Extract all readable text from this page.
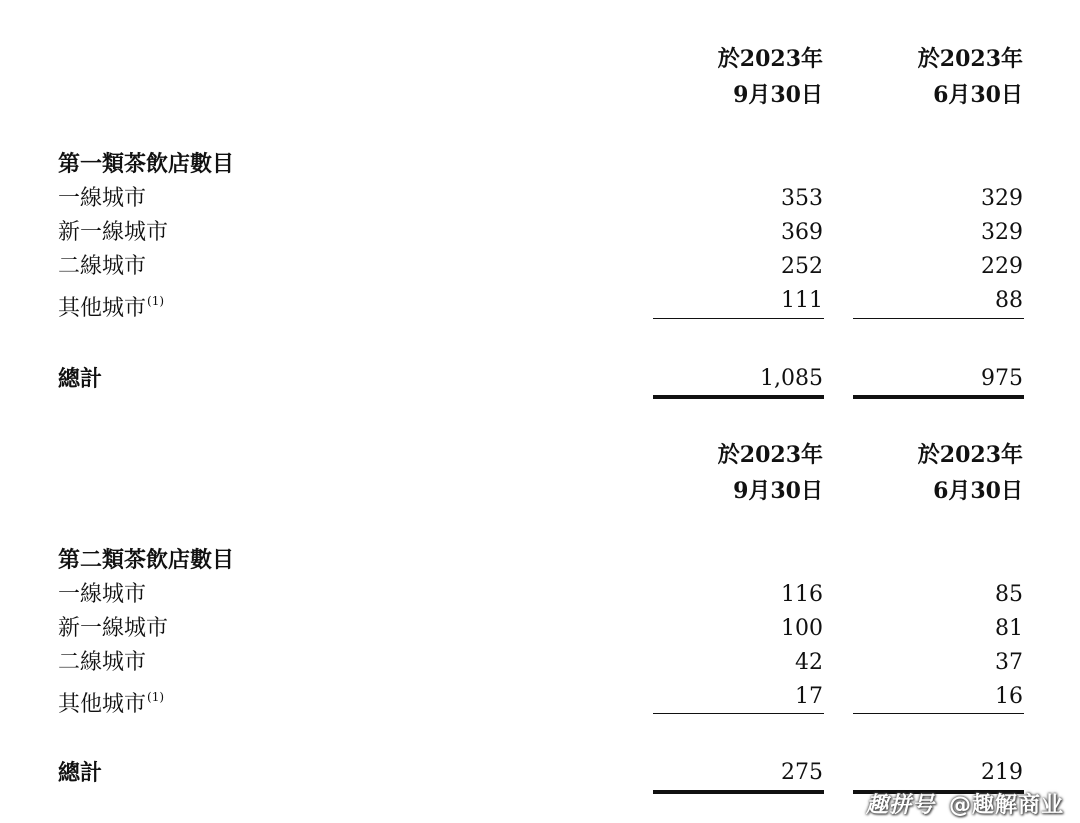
於2023年
9月30日
於2023年
6月30日
第一類茶飲店數目
一線城市	353	329
新一線城市	369	329
二線城市	252	229
其他城市$^{(1)}$	111	88
總計	1,085	975
於2023年
9月30日
於2023年
6月30日
第二類茶飲店數目
一線城市	116	85
新一線城市	100	81
二線城市	42	37
其他城市$^{(1)}$	17	16
總計	275	219
趣拼号 @趣解商业
